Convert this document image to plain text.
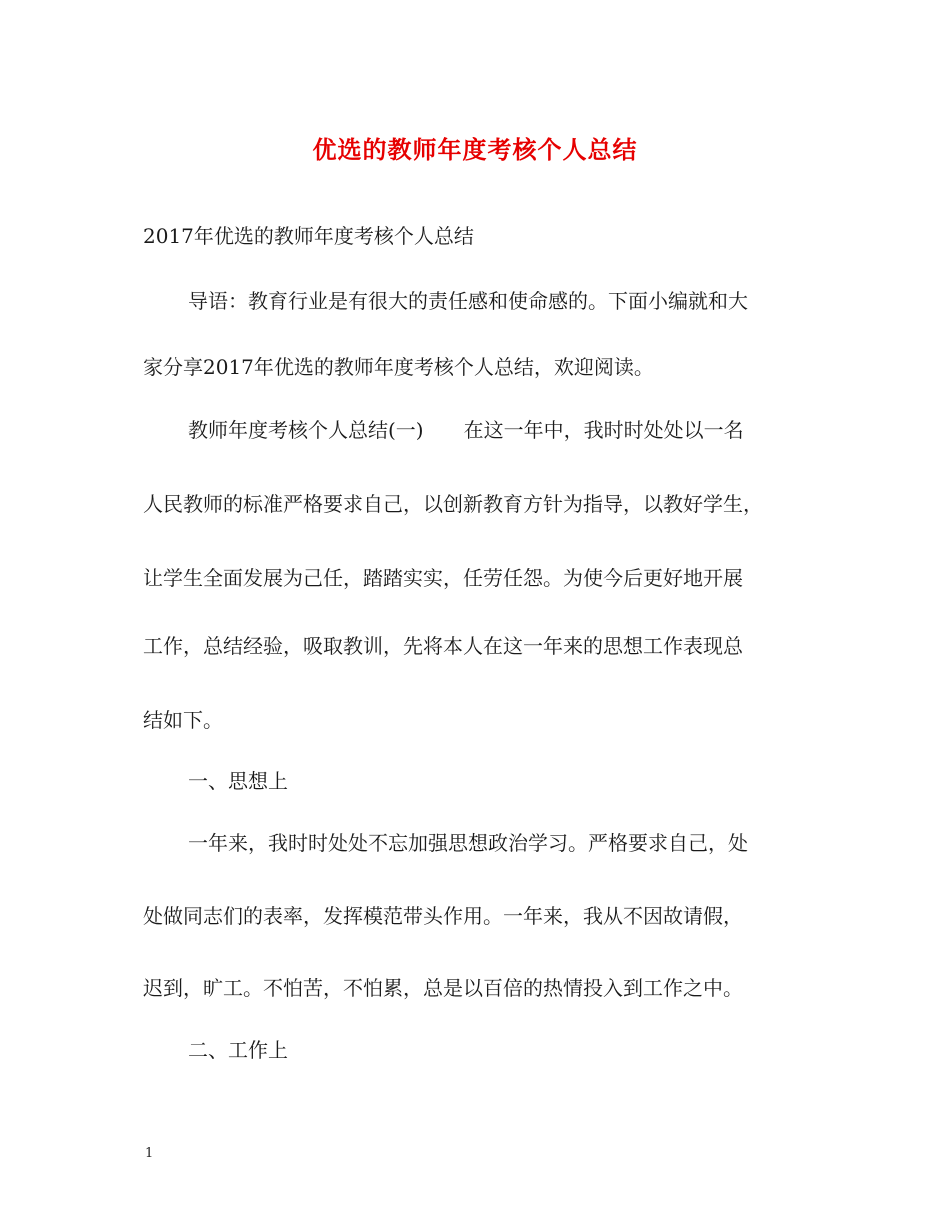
优选的教师年度考核个人总结
2017年优选的教师年度考核个人总结
导语：教育行业是有很大的责任感和使命感的。下面小编就和大
家分享2017年优选的教师年度考核个人总结，欢迎阅读。
教师年度考核个人总结(一)　　在这一年中，我时时处处以一名
人民教师的标准严格要求自己，以创新教育方针为指导，以教好学生，
让学生全面发展为己任，踏踏实实，任劳任怨。为使今后更好地开展
工作，总结经验，吸取教训，先将本人在这一年来的思想工作表现总
结如下。
一、思想上
一年来，我时时处处不忘加强思想政治学习。严格要求自己，处
处做同志们的表率，发挥模范带头作用。一年来，我从不因故请假，
迟到，旷工。不怕苦，不怕累，总是以百倍的热情投入到工作之中。
二、工作上
1
